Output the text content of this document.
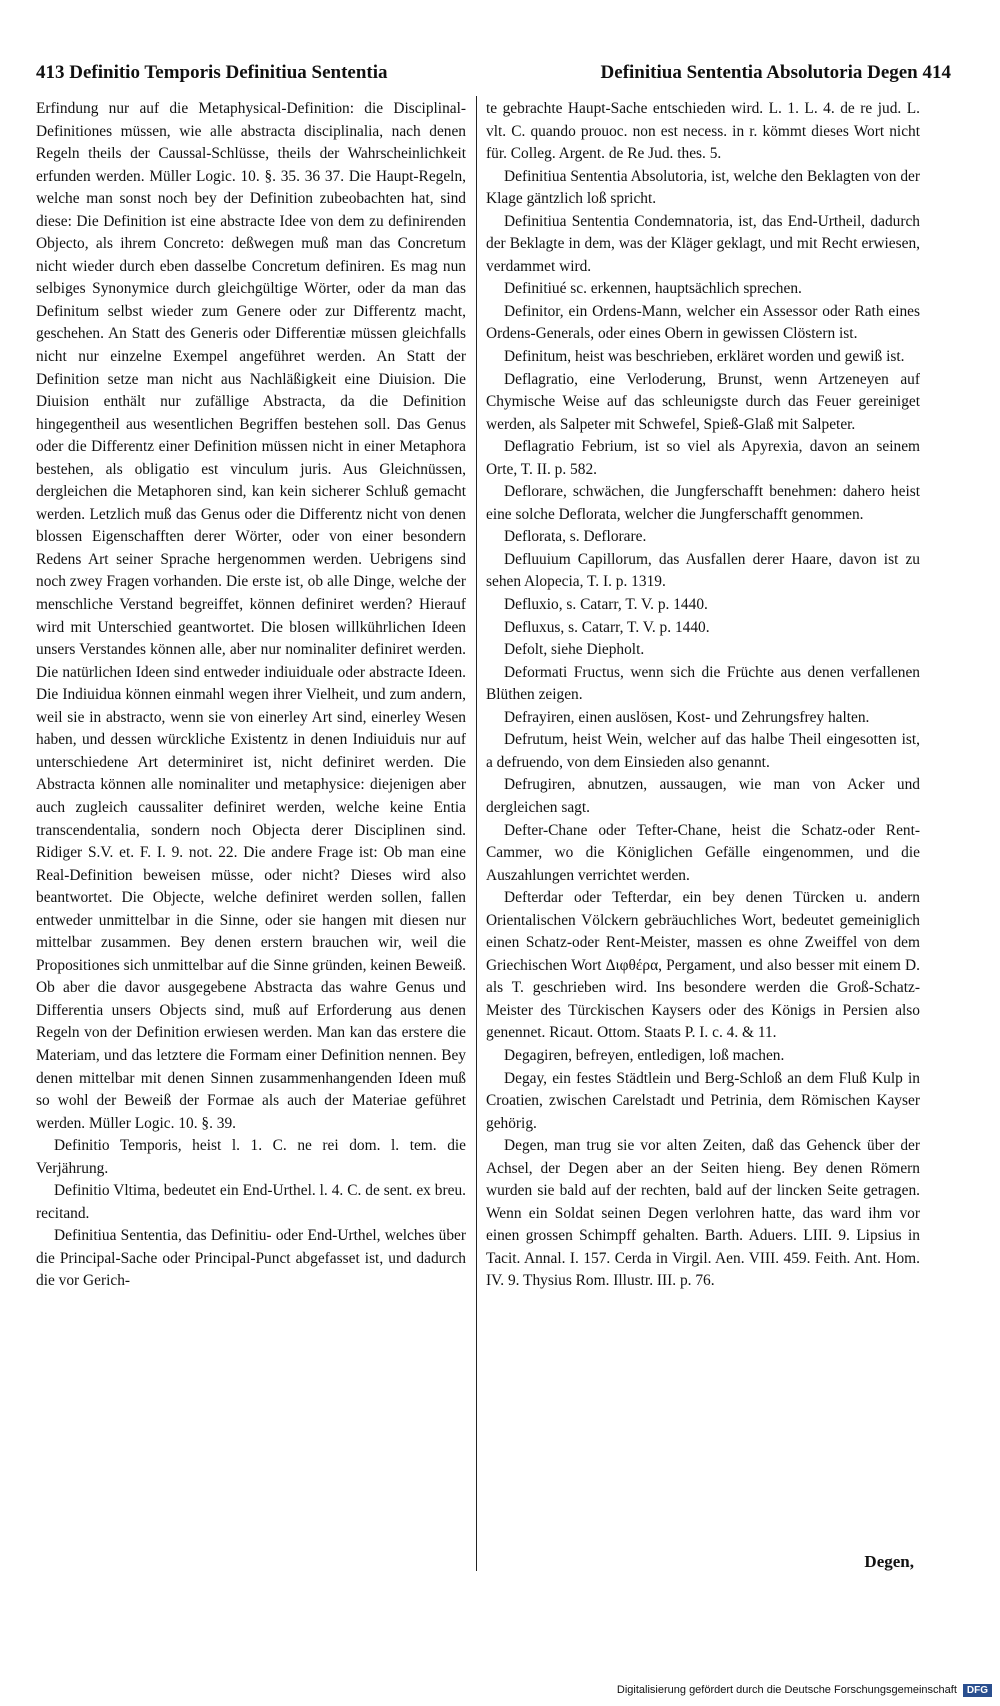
413 Definitio Temporis Definitiua Sententia	Definitiua Sententia Absolutoria Degen 414

Erfindung nur auf die Metaphysical-Definition: die Disciplinal-Definitiones müssen, wie alle abstracta disciplinalia, nach denen Regeln theils der Caussal-Schlüsse, theils der Wahrscheinlichkeit erfunden werden. Müller Logic. 10. §. 35. 36 37. Die Haupt-Regeln, welche man sonst noch bey der Definition zubeobachten hat, sind diese: Die Definition ist eine abstracte Idee von dem zu definirenden Objecto, als ihrem Concreto: deßwegen muß man das Concretum nicht wieder durch eben dasselbe Concretum definiren. Es mag nun selbiges Synonymice durch gleichgültige Wörter, oder da man das Definitum selbst wieder zum Genere oder zur Differentz macht, geschehen. An Statt des Generis oder Differentiæ müssen gleichfalls nicht nur einzelne Exempel angeführet werden. An Statt der Definition setze man nicht aus Nachläßigkeit eine Diuision. Die Diuision enthält nur zufällige Abstracta, da die Definition hingegentheil aus wesentlichen Begriffen bestehen soll. Das Genus oder die Differentz einer Definition müssen nicht in einer Metaphora bestehen, als obligatio est vinculum juris. Aus Gleichnüssen, dergleichen die Metaphoren sind, kan kein sicherer Schluß gemacht werden. Letzlich muß das Genus oder die Differentz nicht von denen blossen Eigenschafften derer Wörter, oder von einer besondern Redens Art seiner Sprache hergenommen werden. Uebrigens sind noch zwey Fragen vorhanden. Die erste ist, ob alle Dinge, welche der menschliche Verstand begreiffet, können definiret werden? Hierauf wird mit Unterschied geantwortet. Die blosen willkührlichen Ideen unsers Verstandes können alle, aber nur nominaliter definiret werden. Die natürlichen Ideen sind entweder indiuiduale oder abstracte Ideen. Die Indiuidua können einmahl wegen ihrer Vielheit, und zum andern, weil sie in abstracto, wenn sie von einerley Art sind, einerley Wesen haben, und dessen würckliche Existentz in denen Indiuiduis nur auf unterschiedene Art determiniret ist, nicht definiret werden. Die Abstracta können alle nominaliter und metaphysice: diejenigen aber auch zugleich caussaliter definiret werden, welche keine Entia transcendentalia, sondern noch Objecta derer Disciplinen sind. Ridiger S.V. et. F. I. 9. not. 22. Die andere Frage ist: Ob man eine Real-Definition beweisen müsse, oder nicht? Dieses wird also beantwortet. Die Objecte, welche definiret werden sollen, fallen entweder unmittelbar in die Sinne, oder sie hangen mit diesen nur mittelbar zusammen. Bey denen erstern brauchen wir, weil die Propositiones sich unmittelbar auf die Sinne gründen, keinen Beweiß. Ob aber die davor ausgegebene Abstracta das wahre Genus und Differentia unsers Objects sind, muß auf Erforderung aus denen Regeln von der Definition erwiesen werden. Man kan das erstere die Materiam, und das letztere die Formam einer Definition nennen. Bey denen mittelbar mit denen Sinnen zusammenhangenden Ideen muß so wohl der Beweiß der Formae als auch der Materiae geführet werden. Müller Logic. 10. §. 39.

Definitio Temporis, heist l. 1. C. ne rei dom. l. tem. die Verjährung.

Definitio Vltima, bedeutet ein End-Urthel. l. 4. C. de sent. ex breu. recitand.

Definitiua Sententia, das Definitiu- oder End-Urthel, welches über die Principal-Sache oder Principal-Punct abgefasset ist, und dadurch die vor Gerich-

te gebrachte Haupt-Sache entschieden wird. L. 1. L. 4. de re jud. L. vlt. C. quando prouoc. non est necess. in r. kömmt dieses Wort nicht für. Colleg. Argent. de Re Jud. thes. 5.

Definitiua Sententia Absolutoria, ist, welche den Beklagten von der Klage gäntzlich loß spricht.

Definitiua Sententia Condemnatoria, ist, das End-Urtheil, dadurch der Beklagte in dem, was der Kläger geklagt, und mit Recht erwiesen, verdammet wird.

Definitiué sc. erkennen, hauptsächlich sprechen.

Definitor, ein Ordens-Mann, welcher ein Assessor oder Rath eines Ordens-Generals, oder eines Obern in gewissen Clöstern ist.

Definitum, heist was beschrieben, erkläret worden und gewiß ist.

Deflagratio, eine Verloderung, Brunst, wenn Artzeneyen auf Chymische Weise auf das schleunigste durch das Feuer gereiniget werden, als Salpeter mit Schwefel, Spieß-Glaß mit Salpeter.

Deflagratio Febrium, ist so viel als Apyrexia, davon an seinem Orte, T. II. p. 582.

Deflorare, schwächen, die Jungferschafft benehmen: dahero heist eine solche Deflorata, welcher die Jungferschafft genommen.

Deflorata, s. Deflorare.

Defluuium Capillorum, das Ausfallen derer Haare, davon ist zu sehen Alopecia, T. I. p. 1319.

Defluxio, s. Catarr, T. V. p. 1440.

Defluxus, s. Catarr, T. V. p. 1440.

Defolt, siehe Diepholt.

Deformati Fructus, wenn sich die Früchte aus denen verfallenen Blüthen zeigen.

Defrayiren, einen auslösen, Kost- und Zehrungsfrey halten.

Defrutum, heist Wein, welcher auf das halbe Theil eingesotten ist, a defruendo, von dem Einsieden also genannt.

Defrugiren, abnutzen, aussaugen, wie man von Acker und dergleichen sagt.

Defter-Chane oder Tefter-Chane, heist die Schatz-oder Rent-Cammer, wo die Königlichen Gefälle eingenommen, und die Auszahlungen verrichtet werden.

Defterdar oder Tefterdar, ein bey denen Türcken u. andern Orientalischen Völckern gebräuchliches Wort, bedeutet gemeiniglich einen Schatz-oder Rent-Meister, massen es ohne Zweiffel von dem Griechischen Wort Διφθέρα, Pergament, und also besser mit einem D. als T. geschrieben wird. Ins besondere werden die Groß-Schatz-Meister des Türckischen Kaysers oder des Königs in Persien also genennet. Ricaut. Ottom. Staats P. I. c. 4. & 11.

Degagiren, befreyen, entledigen, loß machen.

Degay, ein festes Städtlein und Berg-Schloß an dem Fluß Kulp in Croatien, zwischen Carelstadt und Petrinia, dem Römischen Kayser gehörig.

Degen, man trug sie vor alten Zeiten, daß das Gehenck über der Achsel, der Degen aber an der Seiten hieng. Bey denen Römern wurden sie bald auf der rechten, bald auf der lincken Seite getragen. Wenn ein Soldat seinen Degen verlohren hatte, das ward ihm vor einen grossen Schimpff gehalten. Barth. Aduers. LIII. 9. Lipsius in Tacit. Annal. I. 157. Cerda in Virgil. Aen. VIII. 459. Feith. Ant. Hom. IV. 9. Thysius Rom. Illustr. III. p. 76.

Degen,
Digitalisierung gefördert durch die Deutsche Forschungsgemeinschaft	DFG
